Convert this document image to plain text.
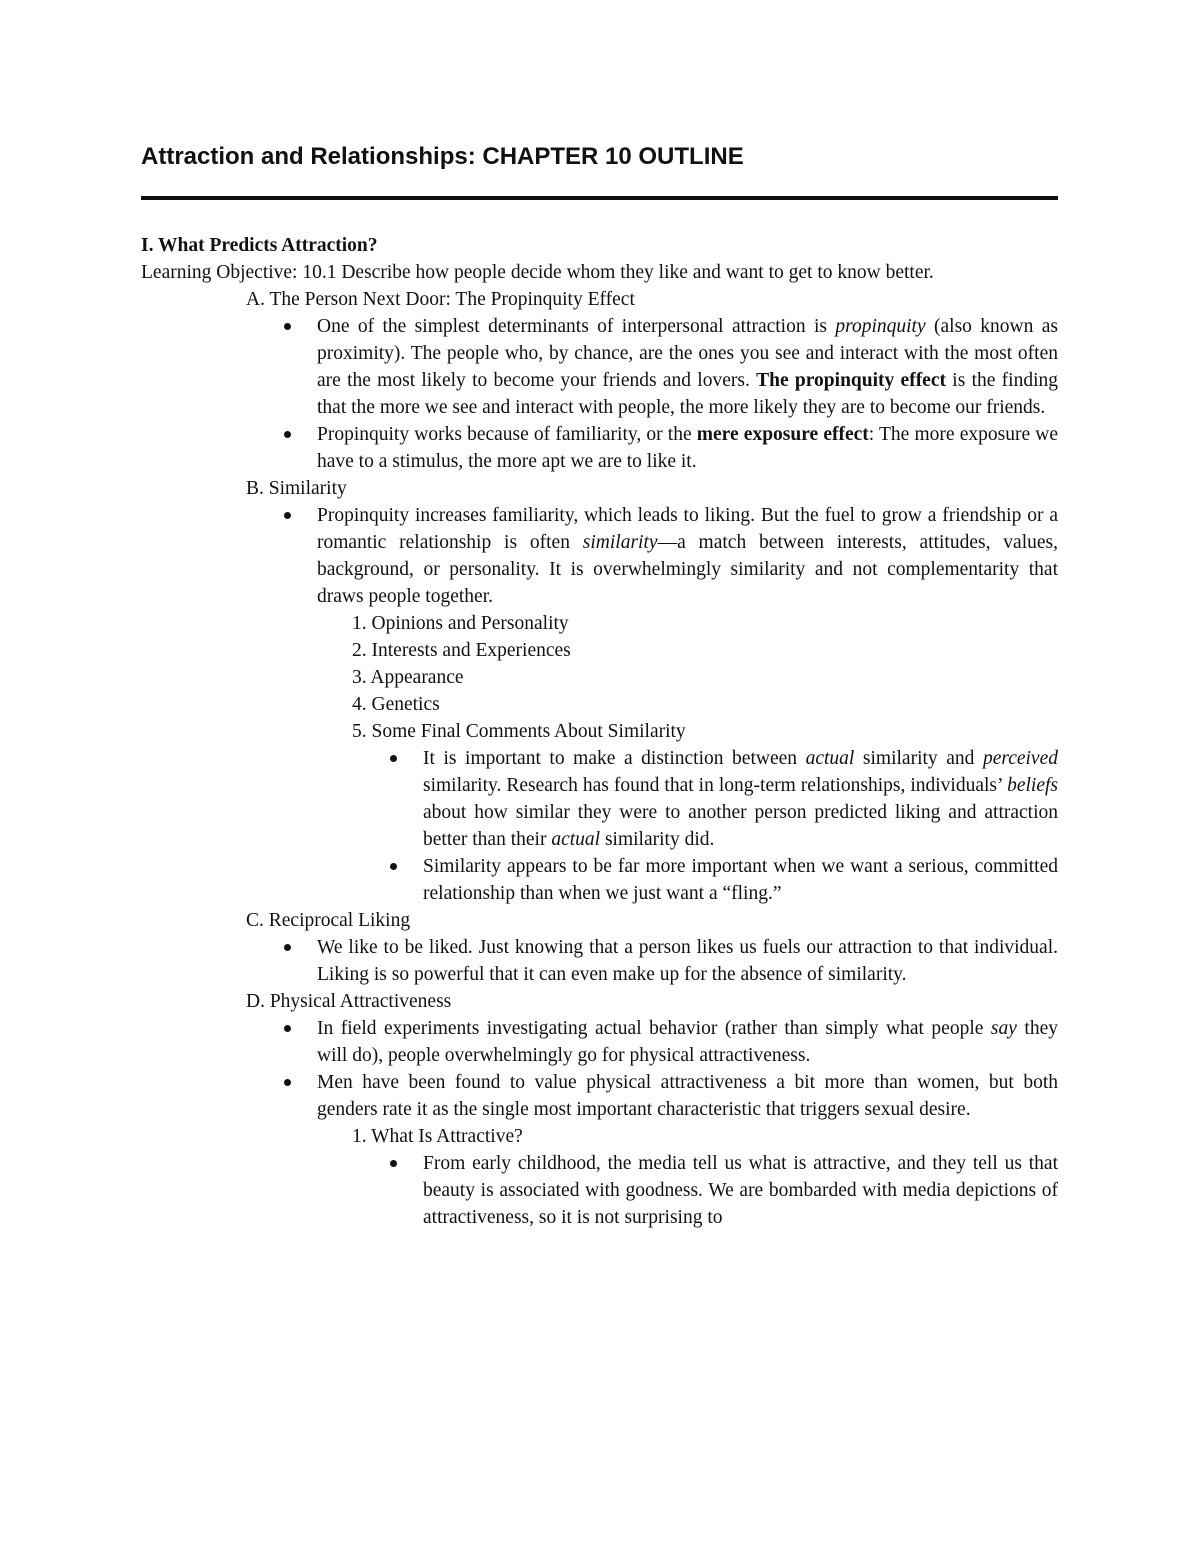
Attraction and Relationships: CHAPTER 10 OUTLINE

I. What Predicts Attraction?

Learning Objective: 10.1 Describe how people decide whom they like and want to get to know better.

A. The Person Next Door: The Propinquity Effect

One of the simplest determinants of interpersonal attraction is propinquity (also known as proximity). The people who, by chance, are the ones you see and interact with the most often are the most likely to become your friends and lovers. The propinquity effect is the finding that the more we see and interact with people, the more likely they are to become our friends.
Propinquity works because of familiarity, or the mere exposure effect: The more exposure we have to a stimulus, the more apt we are to like it.

B. Similarity

Propinquity increases familiarity, which leads to liking. But the fuel to grow a friendship or a romantic relationship is often similarity—a match between interests, attitudes, values, background, or personality. It is overwhelmingly similarity and not complementarity that draws people together.

1. Opinions and Personality

2. Interests and Experiences

3. Appearance

4. Genetics

5. Some Final Comments About Similarity

It is important to make a distinction between actual similarity and perceived similarity. Research has found that in long-term relationships, individuals’ beliefs about how similar they were to another person predicted liking and attraction better than their actual similarity did.
Similarity appears to be far more important when we want a serious, committed relationship than when we just want a “fling.”

C. Reciprocal Liking

We like to be liked. Just knowing that a person likes us fuels our attraction to that individual. Liking is so powerful that it can even make up for the absence of similarity.

D. Physical Attractiveness

In field experiments investigating actual behavior (rather than simply what people say they will do), people overwhelmingly go for physical attractiveness.
Men have been found to value physical attractiveness a bit more than women, but both genders rate it as the single most important characteristic that triggers sexual desire.

1. What Is Attractive?

From early childhood, the media tell us what is attractive, and they tell us that beauty is associated with goodness. We are bombarded with media depictions of attractiveness, so it is not surprising to
